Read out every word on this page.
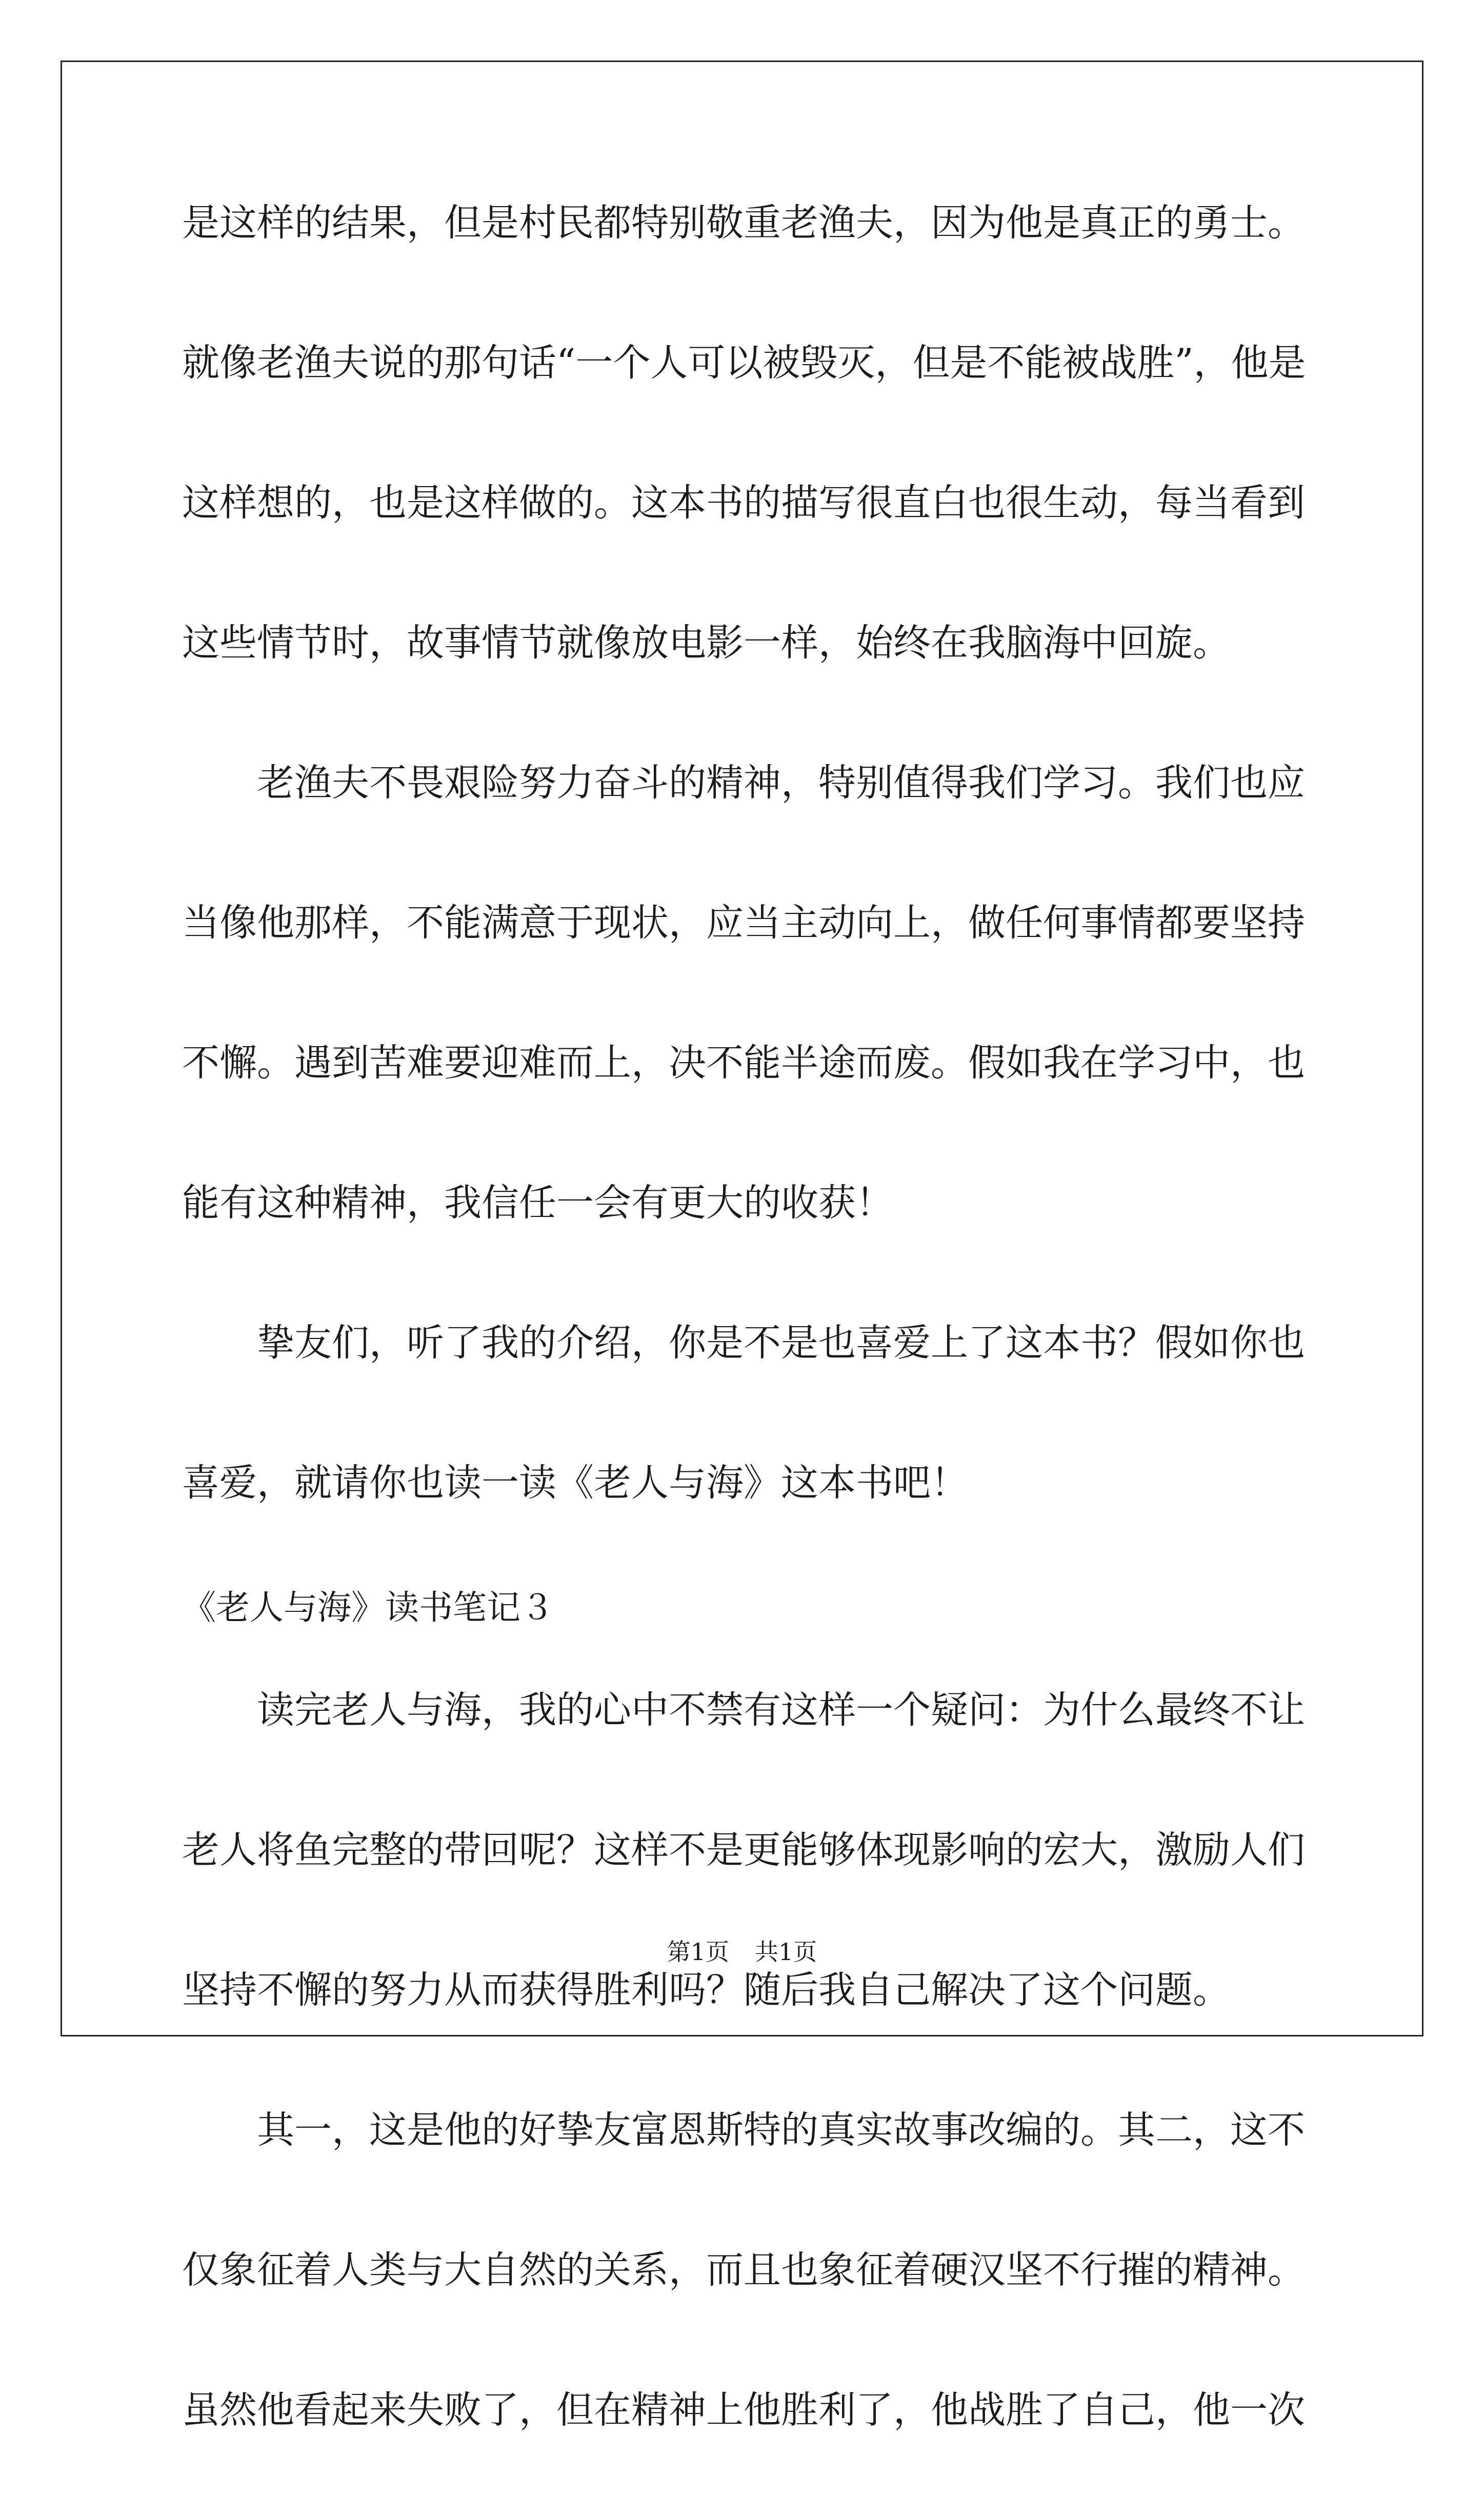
是这样的结果，但是村民都特别敬重老渔夫，因为他是真正的勇士。
就像老渔夫说的那句话“一个人可以被毁灭，但是不能被战胜”，他是
这样想的，也是这样做的。这本书的描写很直白也很生动，每当看到
这些情节时，故事情节就像放电影一样，始终在我脑海中回旋。
老渔夫不畏艰险努力奋斗的精神，特别值得我们学习。我们也应
当像他那样，不能满意于现状，应当主动向上，做任何事情都要坚持
不懈。遇到苦难要迎难而上，决不能半途而废。假如我在学习中，也
能有这种精神，我信任一会有更大的收获！
挚友们，听了我的介绍，你是不是也喜爱上了这本书？假如你也
喜爱，就请你也读一读《老人与海》这本书吧！
《老人与海》读书笔记３
读完老人与海，我的心中不禁有这样一个疑问：为什么最终不让
老人将鱼完整的带回呢？这样不是更能够体现影响的宏大，激励人们
坚持不懈的努力从而获得胜利吗？随后我自己解决了这个问题。
其一，这是他的好挚友富恩斯特的真实故事改编的。其二，这不
仅象征着人类与大自然的关系，而且也象征着硬汉坚不行摧的精神。
虽然他看起来失败了，但在精神上他胜利了，他战胜了自己，他一次
第1页 共1页
